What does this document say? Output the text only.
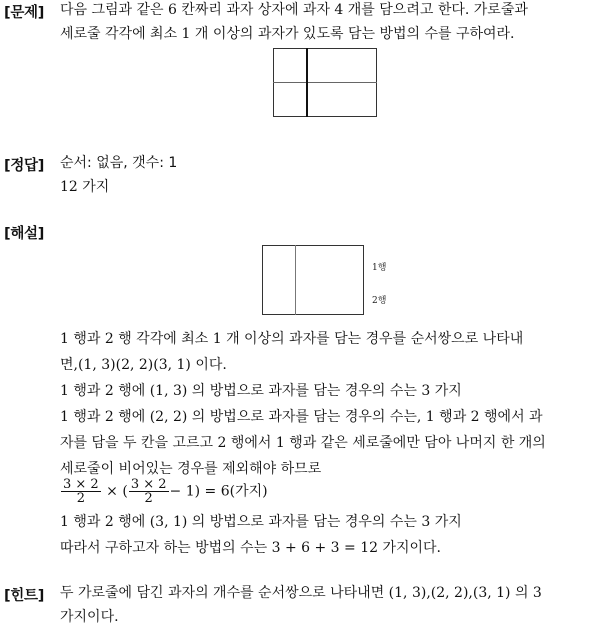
[문제] 다음 그림과 같은 6 칸짜리 과자 상자에 과자 4 개를 담으려고 한다. 가로줄과
세로줄 각각에 최소 1 개 이상의 과자가 있도록 담는 방법의 수를 구하여라.
[정답] 순서: 없음, 갯수: 1
12 가지
[해설]
1행
2행
1 행과 2 행 각각에 최소 1 개 이상의 과자를 담는 경우를 순서쌍으로 나타내
면,(1, 3)(2, 2)(3, 1) 이다.
1 행과 2 행에 (1, 3) 의 방법으로 과자를 담는 경우의 수는 3 가지
1 행과 2 행에 (2, 2) 의 방법으로 과자를 담는 경우의 수는, 1 행과 2 행에서 과
자를 담을 두 칸을 고르고 2 행에서 1 행과 같은 세로줄에만 담아 나머지 한 개의
세로줄이 비어있는 경우를 제외해야 하므로
$\frac{3 \times 2}{2}$ × ( $\frac{3 \times 2}{2} - 1) = 6$(가지)
1 행과 2 행에 (3, 1) 의 방법으로 과자를 담는 경우의 수는 3 가지
따라서 구하고자 하는 방법의 수는 3 + 6 + 3 = 12 가지이다.
[힌트] 두 가로줄에 담긴 과자의 개수를 순서쌍으로 나타내면 (1, 3),(2, 2),(3, 1) 의 3
가지이다.
